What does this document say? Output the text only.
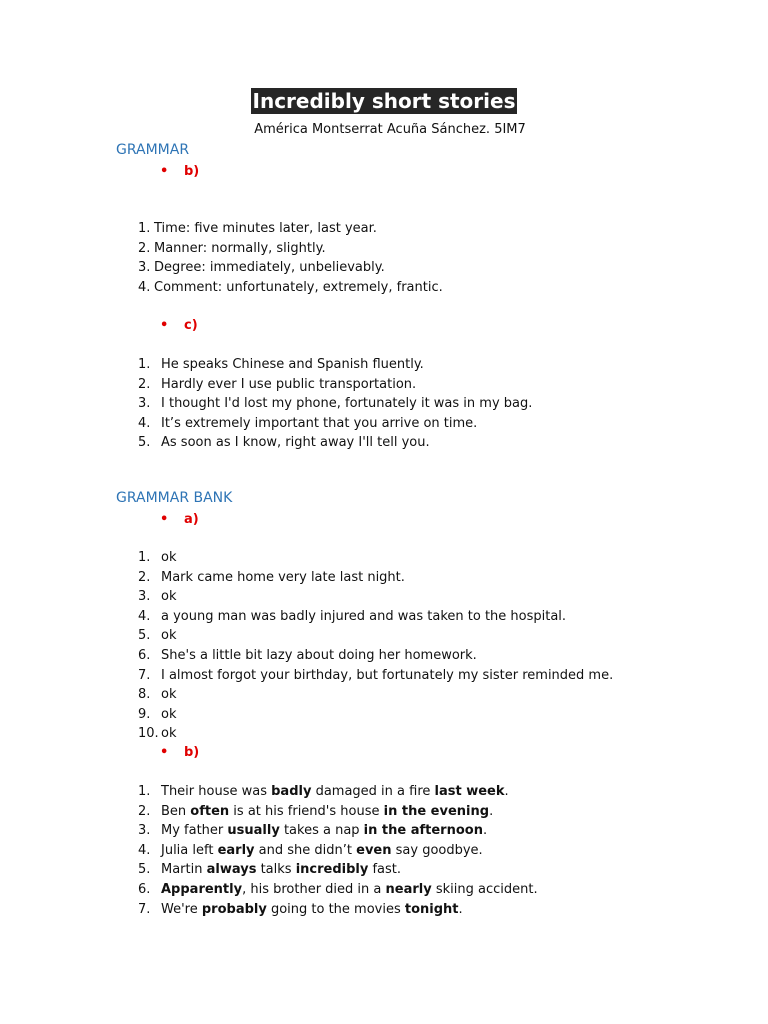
Incredibly short stories
América Montserrat Acuña Sánchez. 5IM7
GRAMMAR
• b)
1. Time: five minutes later, last year.
2. Manner: normally, slightly.
3. Degree: immediately, unbelievably.
4. Comment: unfortunately, extremely, frantic.
• c)
1. He speaks Chinese and Spanish fluently.
2. Hardly ever I use public transportation.
3. I thought I'd lost my phone, fortunately it was in my bag.
4. It’s extremely important that you arrive on time.
5. As soon as I know, right away I'll tell you.
GRAMMAR BANK
• a)
1. ok
2. Mark came home very late last night.
3. ok
4. a young man was badly injured and was taken to the hospital.
5. ok
6. She's a little bit lazy about doing her homework.
7. I almost forgot your birthday, but fortunately my sister reminded me.
8. ok
9. ok
10. ok
• b)
1. Their house was badly damaged in a fire last week.
2. Ben often is at his friend's house in the evening.
3. My father usually takes a nap in the afternoon.
4. Julia left early and she didn’t even say goodbye.
5. Martin always talks incredibly fast.
6. Apparently, his brother died in a nearly skiing accident.
7. We're probably going to the movies tonight.
